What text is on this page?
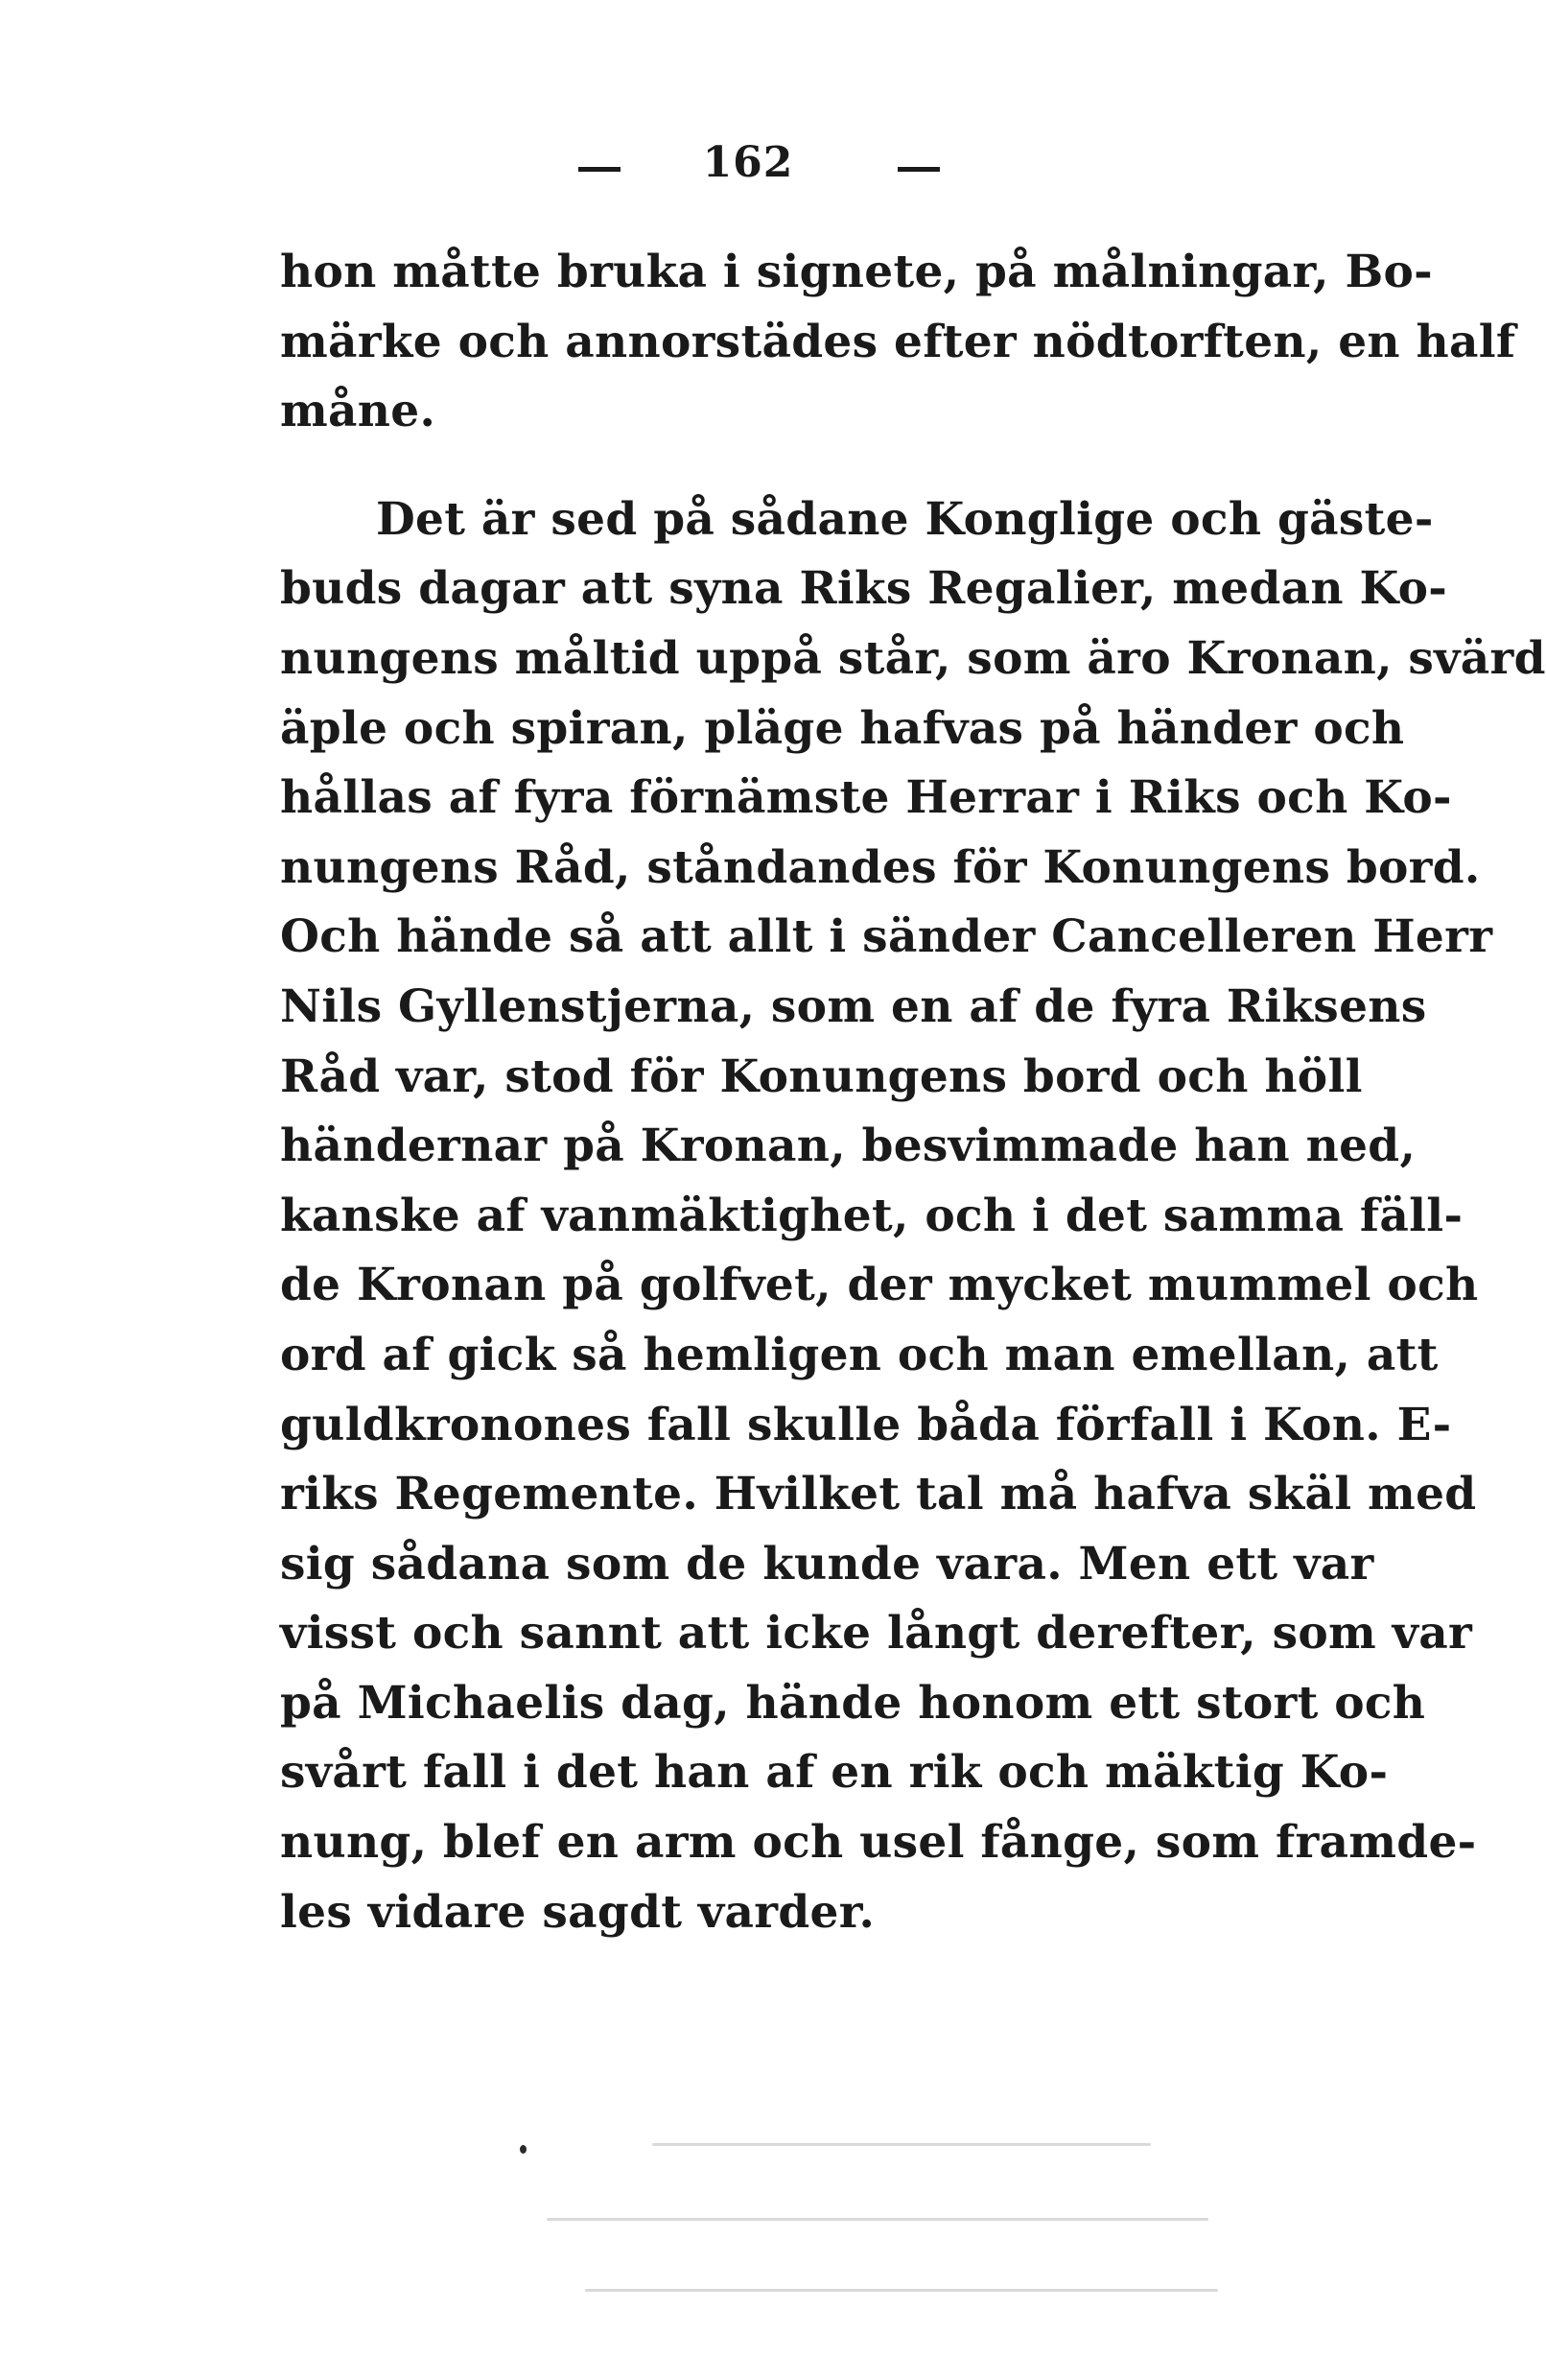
162
hon måtte bruka i signete, på målningar, Bo-
märke och annorstädes efter nödtorften, en half
måne.
Det är sed på sådane Konglige och gäste-
buds dagar att syna Riks Regalier, medan Ko-
nungens måltid uppå står, som äro Kronan, svärd
äple och spiran, pläge hafvas på händer och
hållas af fyra förnämste Herrar i Riks och Ko-
nungens Råd, ståndandes för Konungens bord.
Och hände så att allt i sänder Cancelleren Herr
Nils Gyllenstjerna, som en af de fyra Riksens
Råd var, stod för Konungens bord och höll
händernar på Kronan, besvimmade han ned,
kanske af vanmäktighet, och i det samma fäll-
de Kronan på golfvet, der mycket mummel och
ord af gick så hemligen och man emellan, att
guldkronones fall skulle båda förfall i Kon. E-
riks Regemente. Hvilket tal må hafva skäl med
sig sådana som de kunde vara. Men ett var
visst och sannt att icke långt derefter, som var
på Michaelis dag, hände honom ett stort och
svårt fall i det han af en rik och mäktig Ko-
nung, blef en arm och usel fånge, som framde-
les vidare sagdt varder.
